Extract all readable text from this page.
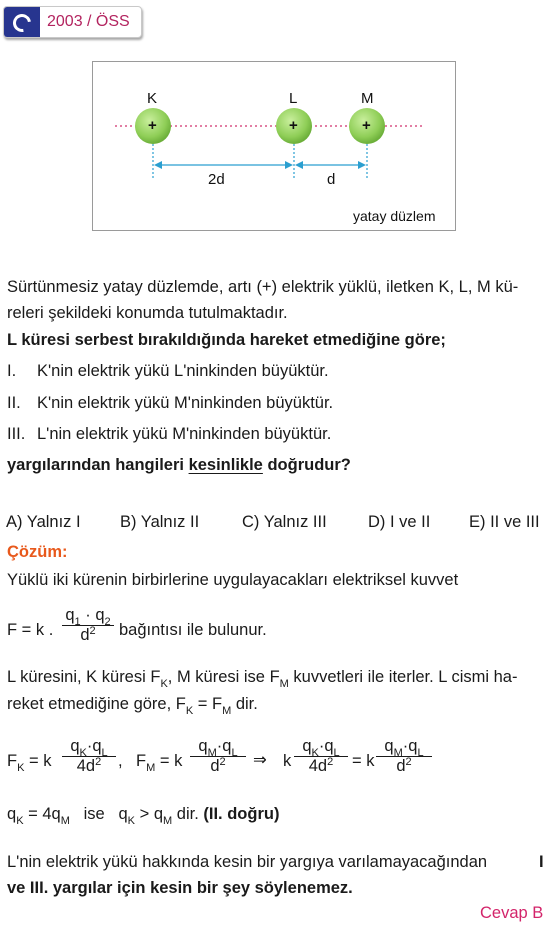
2003 / ÖSS
K	L	M
+	+	+
2d	d
yatay düzlem
Sürtünmesiz yatay düzlemde, artı (+) elektrik yüklü, iletken K, L, M kü-
releri şekildeki konumda tutulmaktadır.
L küresi serbest bırakıldığında hareket etmediğine göre;
I. K'nin elektrik yükü L'ninkinden büyüktür.
II. K'nin elektrik yükü M'ninkinden büyüktür.
III. L'nin elektrik yükü M'ninkinden büyüktür.
yargılarından hangileri kesinlikle doğrudur?
A) Yalnız I B) Yalnız II	C) Yalnız III	D) I ve II E) II ve III
Çözüm:
Yüklü iki kürenin birbirlerine uygulayacakları elektriksel kuvvet
F = k .
$q_1 \cdot q_2$
$d^2$	bağıntısı ile bulunur.
L küresini, K küresi $F_K$, M küresi ise $F_M$ kuvvetleri ile iterler. L cismi ha-
reket etmediğine göre, $F_K = F_M$ dir.
$F_K = k$
$q_K\cdot q_L$
$4d^2$	, $F_M = k$
$q_M\cdot q_L$
$d^2$	⇒ k
$q_K\cdot q_L$
$4d^2$	= k
$q_M\cdot q_L$
$d^2$
$q_K = 4q_M$ ise   $q_K > q_M$ dir. (II. doğru)
L'nin elektrik yükü hakkında kesin bir yargıya varılamayacağından	I
ve III. yargılar için kesin bir şey söylenemez.
Cevap B
